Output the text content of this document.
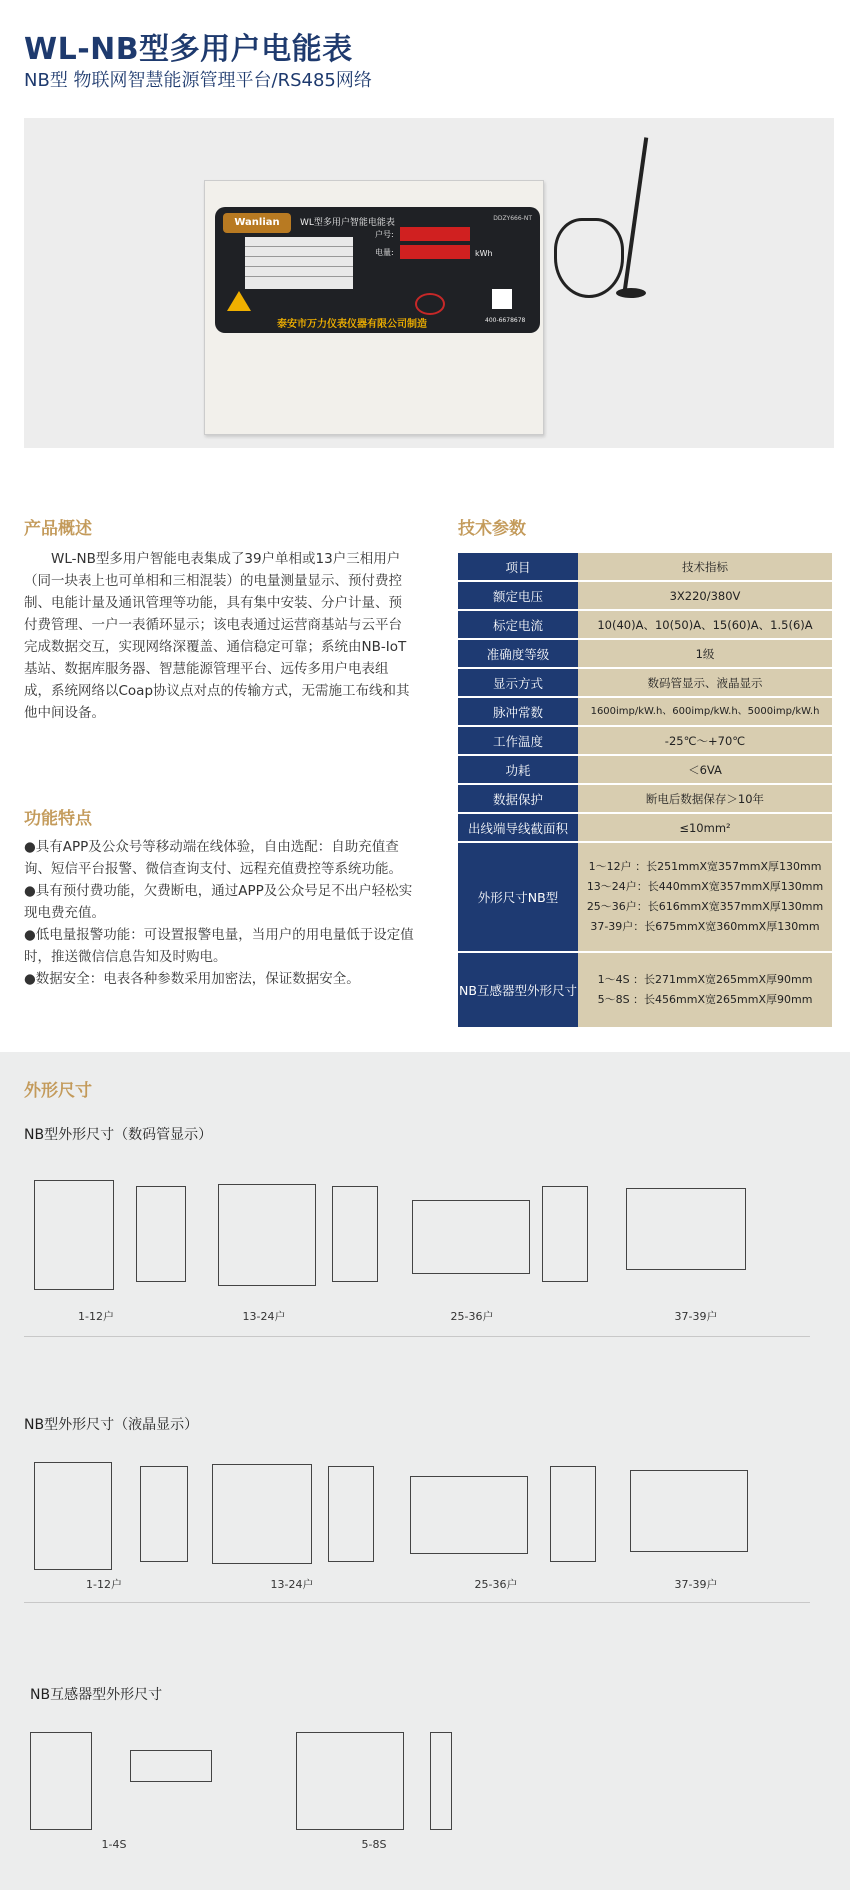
WL-NB型多用户电能表
NB型 物联网智慧能源管理平台/RS485网络
Wanlian	WL型多用户智能电能表	DDZY666-NT
户号:
电量:	kWh
泰安市万力仪表仪器有限公司制造	400-6678678
产品概述
WL-NB型多用户智能电表集成了39户单相或13户三相用户（同一块表上也可单相和三相混装）的电量测量显示、预付费控制、电能计量及通讯管理等功能，具有集中安装、分户计量、预付费管理、一户一表循环显示；该电表通过运营商基站与云平台完成数据交互，实现网络深覆盖、通信稳定可靠；系统由NB-IoT基站、数据库服务器、智慧能源管理平台、远传多用户电表组成，系统网络以Coap协议点对点的传输方式，无需施工布线和其他中间设备。
功能特点

●具有APP及公众号等移动端在线体验，自由选配：自助充值查询、短信平台报警、微信查询支付、远程充值费控等系统功能。

●具有预付费功能，欠费断电，通过APP及公众号足不出户轻松实现电费充值。

●低电量报警功能：可设置报警电量，当用户的用电量低于设定值时，推送微信信息告知及时购电。

●数据安全：电表各种参数采用加密法，保证数据安全。

技术参数
项目	技术指标
额定电压	3X220/380V
标定电流	10(40)A、10(50)A、15(60)A、1.5(6)A
准确度等级	1级
显示方式	数码管显示、液晶显示
脉冲常数	1600imp/kW.h、600imp/kW.h、5000imp/kW.h
工作温度	-25℃～+70℃
功耗	＜6VA
数据保护	断电后数据保存＞10年
出线端导线截面积	≤10mm²
外形尺寸NB型	1～12户 ：长251mmX宽357mmX厚130mm
13～24户：长440mmX宽357mmX厚130mm
25～36户：长616mmX宽357mmX厚130mm
37-39户：长675mmX宽360mmX厚130mm

NB互感器型外形尺寸	1～4S ：长271mmX宽265mmX厚90mm
5～8S ：长456mmX宽265mmX厚90mm
外形尺寸
NB型外形尺寸（数码管显示）
1-12户	13-24户	25-36户	37-39户
NB型外形尺寸（液晶显示）
1-12户	13-24户	25-36户	37-39户
NB互感器型外形尺寸
1-4S	5-8S
